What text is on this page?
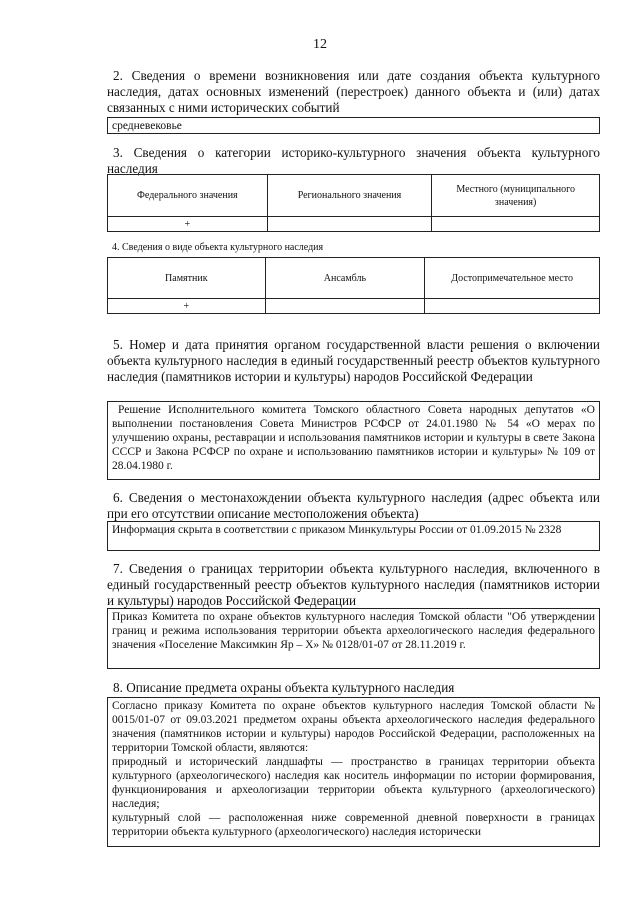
12
2. Сведения о времени возникновения или дате создания объекта культурного наследия, датах основных изменений (перестроек) данного объекта и (или) датах связанных с ними исторических событий
средневековье
3. Сведения о категории историко-культурного значения объекта культурного наследия
Федерального значения	Регионального значения	Местного (муниципального значения)
+		
4. Сведения о виде объекта культурного наследия
Памятник	Ансамбль	Достопримечательное место
+		
5. Номер и дата принятия органом государственной власти решения о включении объекта культурного наследия в единый государственный реестр объектов культурного наследия (памятников истории и культуры) народов Российской Федерации
Решение Исполнительного комитета Томского областного Совета народных депутатов «О выполнении постановления Совета Министров РСФСР от 24.01.1980 № 54 «О мерах по улучшению охраны, реставрации и использования памятников истории и культуры в свете Закона СССР и Закона РСФСР по охране и использованию памятников истории и культуры» № 109 от 28.04.1980 г.
6. Сведения о местонахождении объекта культурного наследия (адрес объекта или при его отсутствии описание местоположения объекта)
Информация скрыта в соответствии с приказом Минкультуры России от 01.09.2015 № 2328
7. Сведения о границах территории объекта культурного наследия, включенного в единый государственный реестр объектов культурного наследия (памятников истории и культуры) народов Российской Федерации
Приказ Комитета по охране объектов культурного наследия Томской области "Об утверждении границ и режима использования территории объекта археологического наследия федерального значения «Поселение Максимкин Яр – Х» № 0128/01-07 от 28.11.2019 г.
8. Описание предмета охраны объекта культурного наследия

Согласно приказу Комитета по охране объектов культурного наследия Томской области № 0015/01-07 от 09.03.2021 предметом охраны объекта археологического наследия федерального значения (памятников истории и культуры) народов Российской Федерации, расположенных на территории Томской области, являются:

природный и исторический ландшафты — пространство в границах территории объекта культурного (археологического) наследия как носитель информации по истории формирования, функционирования и археологизации территории объекта культурного (археологического) наследия;

культурный слой — расположенная ниже современной дневной поверхности в границах территории объекта культурного (археологического) наследия исторически
